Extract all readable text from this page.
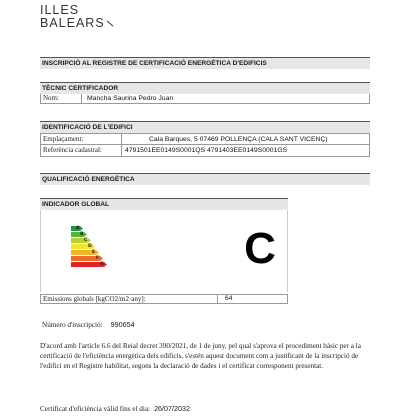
ILLES
BALEARS
INSCRIPCIÓ AL REGISTRE DE CERTIFICACIÓ ENERGÈTICA D'EDIFICIS
TÈCNIC CERTIFICADOR
Nom:	Mancha Saurina Pedro Juan
IDENTIFICACIÓ DE L'EDIFICI
Emplaçament:	Cala Barques, 5 07469 POLLENÇA (CALA SANT VICENÇ)
Referència cadastral:	4791501EE0149S0001QS 4791403EE0149S0001GS
QUALIFICACIÓ ENERGÈTICA
INDICADOR GLOBAL
A
B
C
D
E
F
G	C
Emissions globals [kgCO2/m2·any]:	64
Número d'inscripció: 990654
D'acord amb l'article 6.6 del Reial decret 390/2021, de 1 de juny, pel qual s'aprova el procediment bàsic per a la certificació de l'eficiència energètica dels edificis, s'estén aquest document com a justificant de la inscripció de l'edifici en el Registre habilitat, segons la declaració de dades i el certificat corresponent presentat.
Certificat d'eficiència vàlid fins el dia: 26/07/2032
